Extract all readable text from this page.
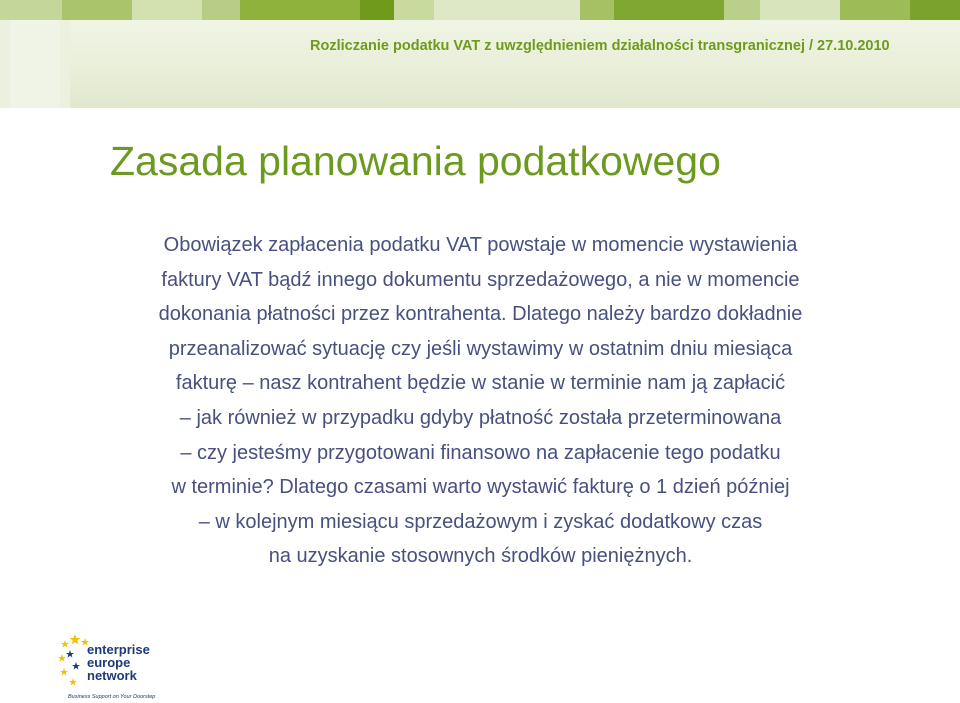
Rozliczanie podatku VAT z uwzględnieniem działalności transgranicznej / 27.10.2010
Zasada planowania podatkowego
Obowiązek zapłacenia podatku VAT powstaje w momencie wystawienia
faktury VAT bądź innego dokumentu sprzedażowego, a nie w momencie
dokonania płatności przez kontrahenta. Dlatego należy bardzo dokładnie
przeanalizować sytuację czy jeśli wystawimy w ostatnim dniu miesiąca
fakturę – nasz kontrahent będzie w stanie w terminie nam ją zapłacić
– jak również w przypadku gdyby płatność została przeterminowana
– czy jesteśmy przygotowani finansowo na zapłacenie tego podatku
w terminie? Dlatego czasami warto wystawić fakturę o 1 dzień później
– w kolejnym miesiącu sprzedażowym i zyskać dodatkowy czas
na uzyskanie stosownych środków pieniężnych.
enterprise
europe
network
Business Support on Your Doorstep
